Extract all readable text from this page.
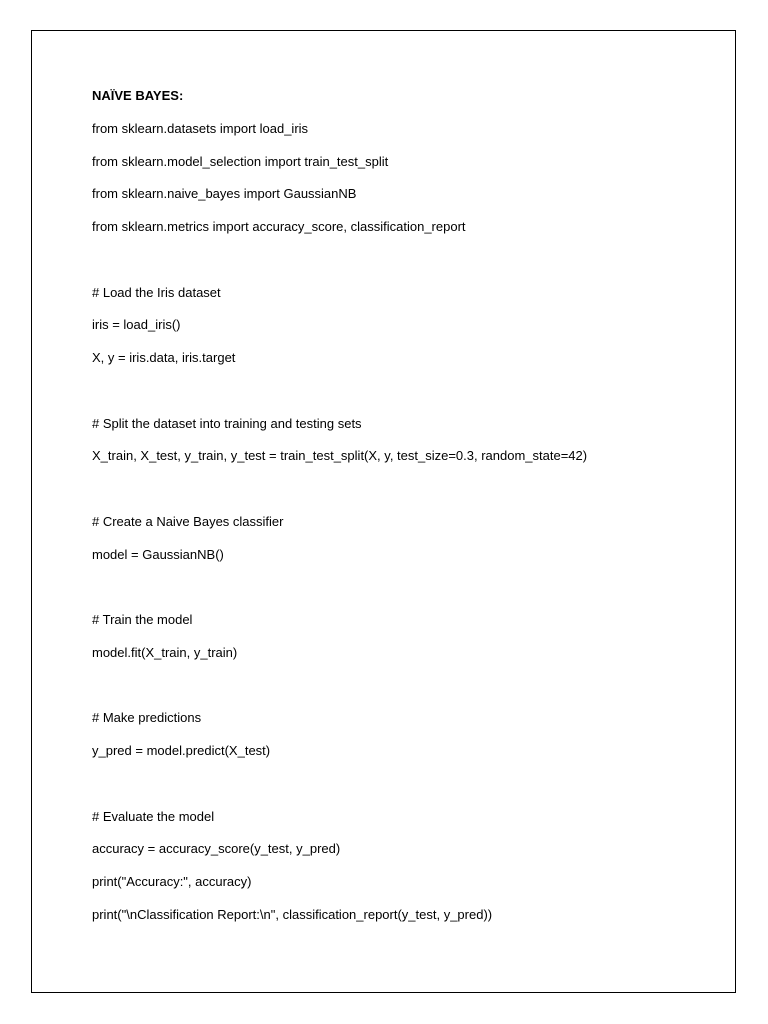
NAÏVE BAYES:
from sklearn.datasets import load_iris
from sklearn.model_selection import train_test_split
from sklearn.naive_bayes import GaussianNB
from sklearn.metrics import accuracy_score, classification_report
# Load the Iris dataset
iris = load_iris()
X, y = iris.data, iris.target
# Split the dataset into training and testing sets
X_train, X_test, y_train, y_test = train_test_split(X, y, test_size=0.3, random_state=42)
# Create a Naive Bayes classifier
model = GaussianNB()
# Train the model
model.fit(X_train, y_train)
# Make predictions
y_pred = model.predict(X_test)
# Evaluate the model
accuracy = accuracy_score(y_test, y_pred)
print("Accuracy:", accuracy)
print("\nClassification Report:\n", classification_report(y_test, y_pred))
